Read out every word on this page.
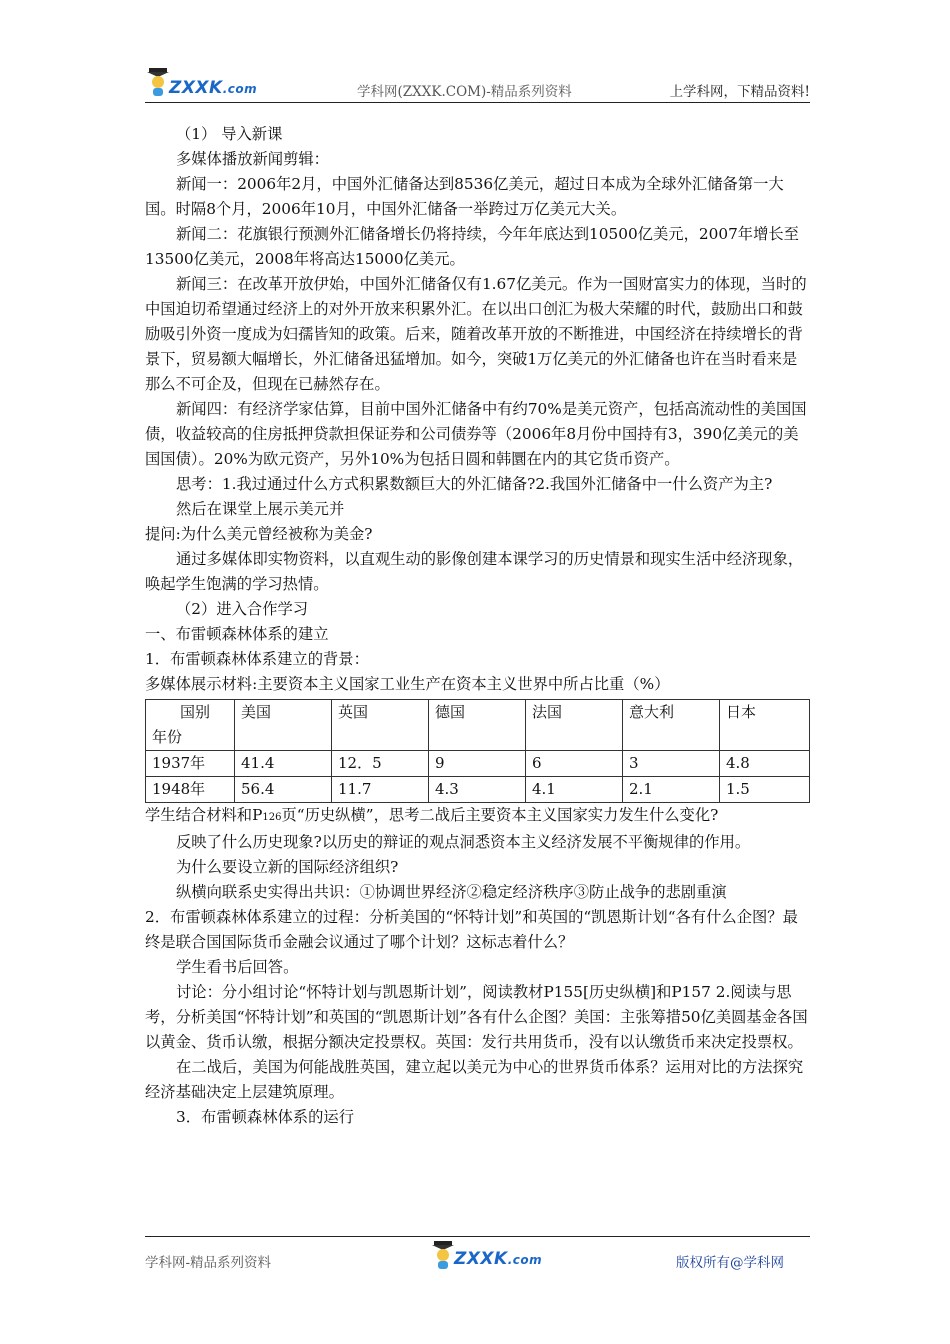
ZXXK.com	学科网(ZXXK.COM)-精品系列资料	上学科网，下精品资料!

（1） 导入新课

多媒体播放新闻剪辑：

新闻一：2006年2月，中国外汇储备达到8536亿美元，超过日本成为全球外汇储备第一大国。时隔8个月，2006年10月，中国外汇储备一举跨过万亿美元大关。

新闻二：花旗银行预测外汇储备增长仍将持续，今年年底达到10500亿美元，2007年增长至13500亿美元，2008年将高达15000亿美元。

新闻三：在改革开放伊始，中国外汇储备仅有1.67亿美元。作为一国财富实力的体现，当时的中国迫切希望通过经济上的对外开放来积累外汇。在以出口创汇为极大荣耀的时代，鼓励出口和鼓励吸引外资一度成为妇孺皆知的政策。后来，随着改革开放的不断推进，中国经济在持续增长的背景下，贸易额大幅增长，外汇储备迅猛增加。如今，突破1万亿美元的外汇储备也许在当时看来是那么不可企及，但现在已赫然存在。

新闻四：有经济学家估算，目前中国外汇储备中有约70%是美元资产，包括高流动性的美国国债，收益较高的住房抵押贷款担保证券和公司债券等（2006年8月份中国持有3，390亿美元的美国国债）。20%为欧元资产，另外10%为包括日圆和韩圜在内的其它货币资产。

思考：1.我过通过什么方式积累数额巨大的外汇储备?2.我国外汇储备中一什么资产为主?

然后在课堂上展示美元并

提问:为什么美元曾经被称为美金?

通过多媒体即实物资料，以直观生动的影像创建本课学习的历史情景和现实生活中经济现象，唤起学生饱满的学习热情。

（2）进入合作学习

一、布雷顿森林体系的建立

1．布雷顿森林体系建立的背景：

多媒体展示材料:主要资本主义国家工业生产在资本主义世界中所占比重（%）

国别
年份	美国	英国	德国	法国	意大利	日本
1937年	41.4	12．5	9	6	3	4.8
1948年	56.4	11.7	4.3	4.1	2.1	1.5

学生结合材料和P126页“历史纵横”，思考二战后主要资本主义国家实力发生什么变化?

反映了什么历史现象?以历史的辩证的观点洞悉资本主义经济发展不平衡规律的作用。

为什么要设立新的国际经济组织?

纵横向联系史实得出共识：①协调世界经济②稳定经济秩序③防止战争的悲剧重演

2．布雷顿森林体系建立的过程：分析美国的“怀特计划”和英国的“凯恩斯计划“各有什么企图？最终是联合国国际货币金融会议通过了哪个计划？这标志着什么？

学生看书后回答。

讨论：分小组讨论“怀特计划与凯恩斯计划”，阅读教材P155[历史纵横]和P157 2.阅读与思考，分析美国“怀特计划”和英国的“凯恩斯计划”各有什么企图？美国：主张筹措50亿美圆基金各国以黄金、货币认缴，根据分额决定投票权。英国：发行共用货币，没有以认缴货币来决定投票权。

在二战后，美国为何能战胜英国，建立起以美元为中心的世界货币体系？运用对比的方法探究经济基础决定上层建筑原理。

3．布雷顿森林体系的运行

学科网-精品系列资料	ZXXK.com	版权所有@学科网
